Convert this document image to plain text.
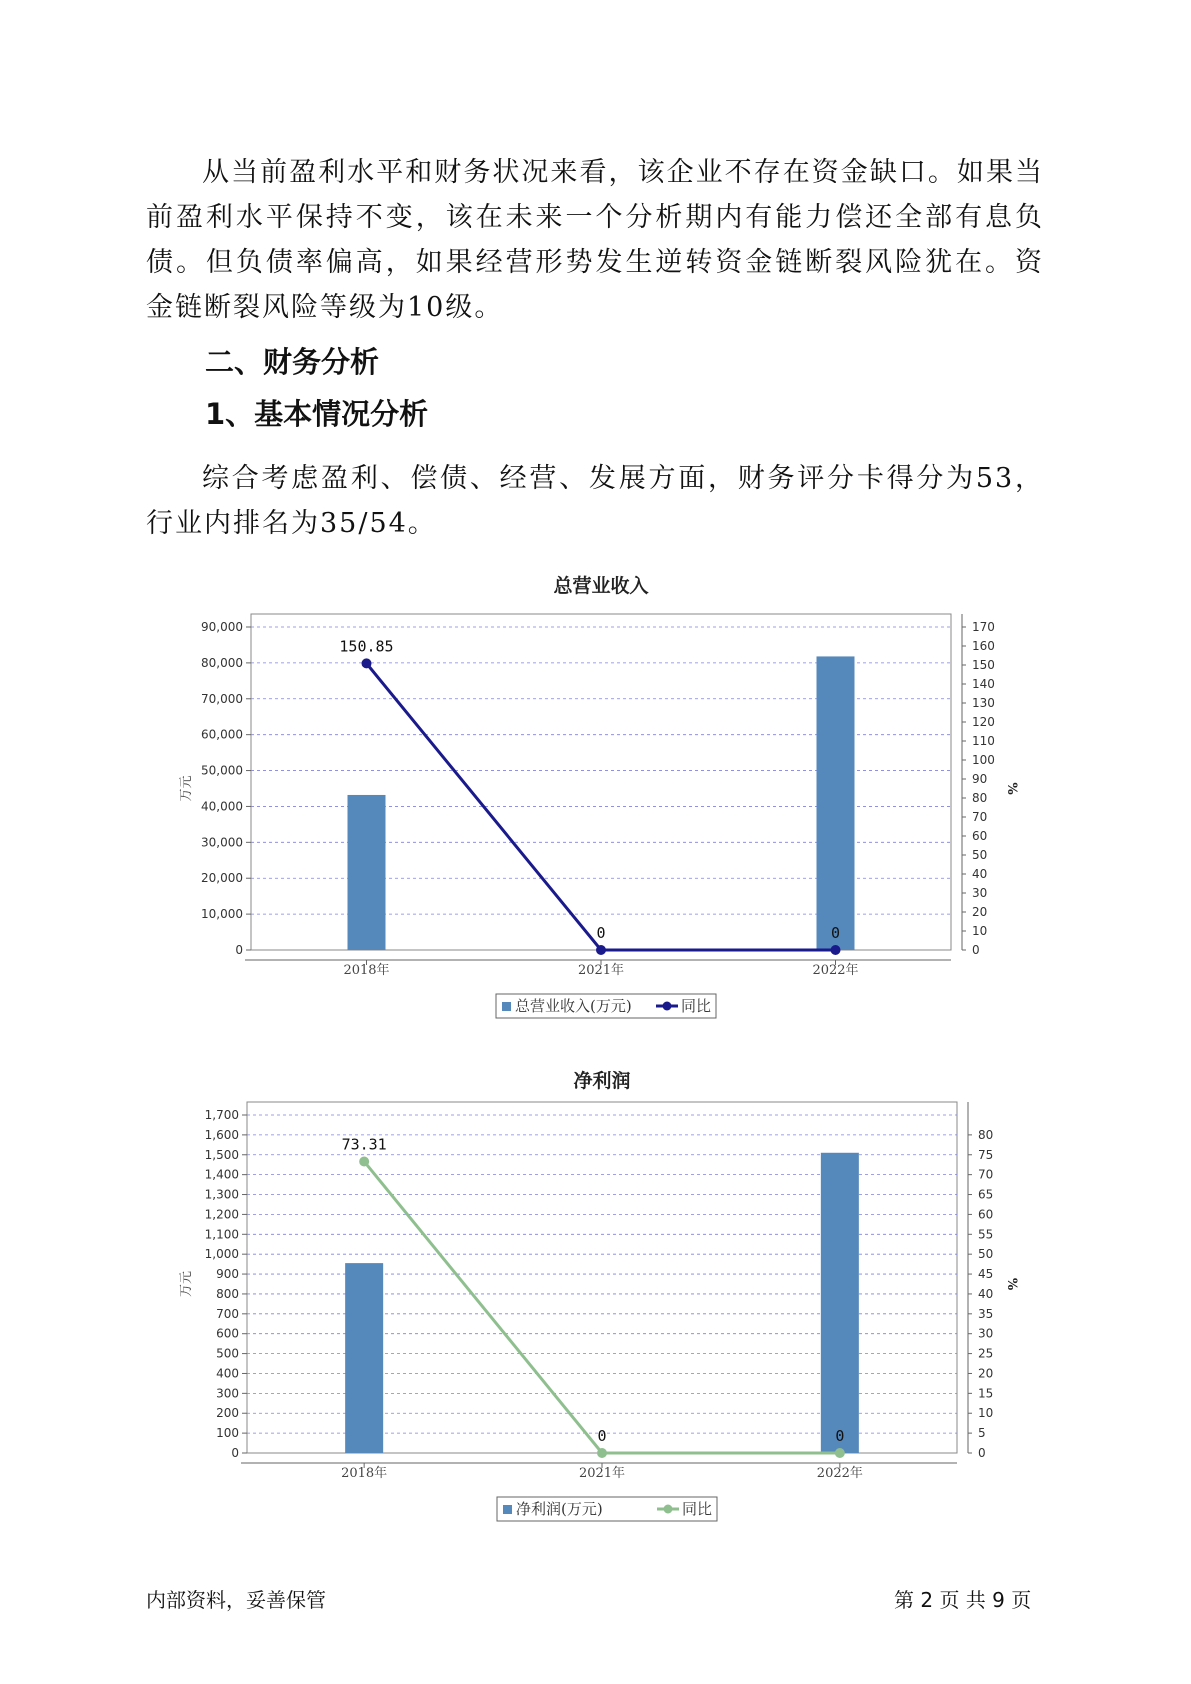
从当前盈利水平和财务状况来看，该企业不存在资金缺口。如果当前盈利水平保持不变，该在未来一个分析期内有能力偿还全部有息负债。但负债率偏高，如果经营形势发生逆转资金链断裂风险犹在。资金链断裂风险等级为10级。

二、财务分析
1、基本情况分析

综合考虑盈利、偿债、经营、发展方面，财务评分卡得分为53，行业内排名为35/54。

总营业收入
0
10,000
20,000
30,000
40,000
50,000
60,000
70,000
80,000
90,000
0
10
20
30
40
50
60
70
80
90
100
110
120
130
140
150
160
170
万元	%
2018年	2021年	2022年
150.85
0	0
总营业收入(万元)	同比
净利润
0
100
200
300
400
500
600
700
800
900
1,000
1,100
1,200
1,300
1,400
1,500
1,600
1,700
0
5
10
15
20
25
30
35
40
45
50
55
60
65
70
75
80
万元	%
2018年	2021年	2022年
73.31
0	0
净利润(万元)	同比
内部资料，妥善保管	第 2 页 共 9 页
